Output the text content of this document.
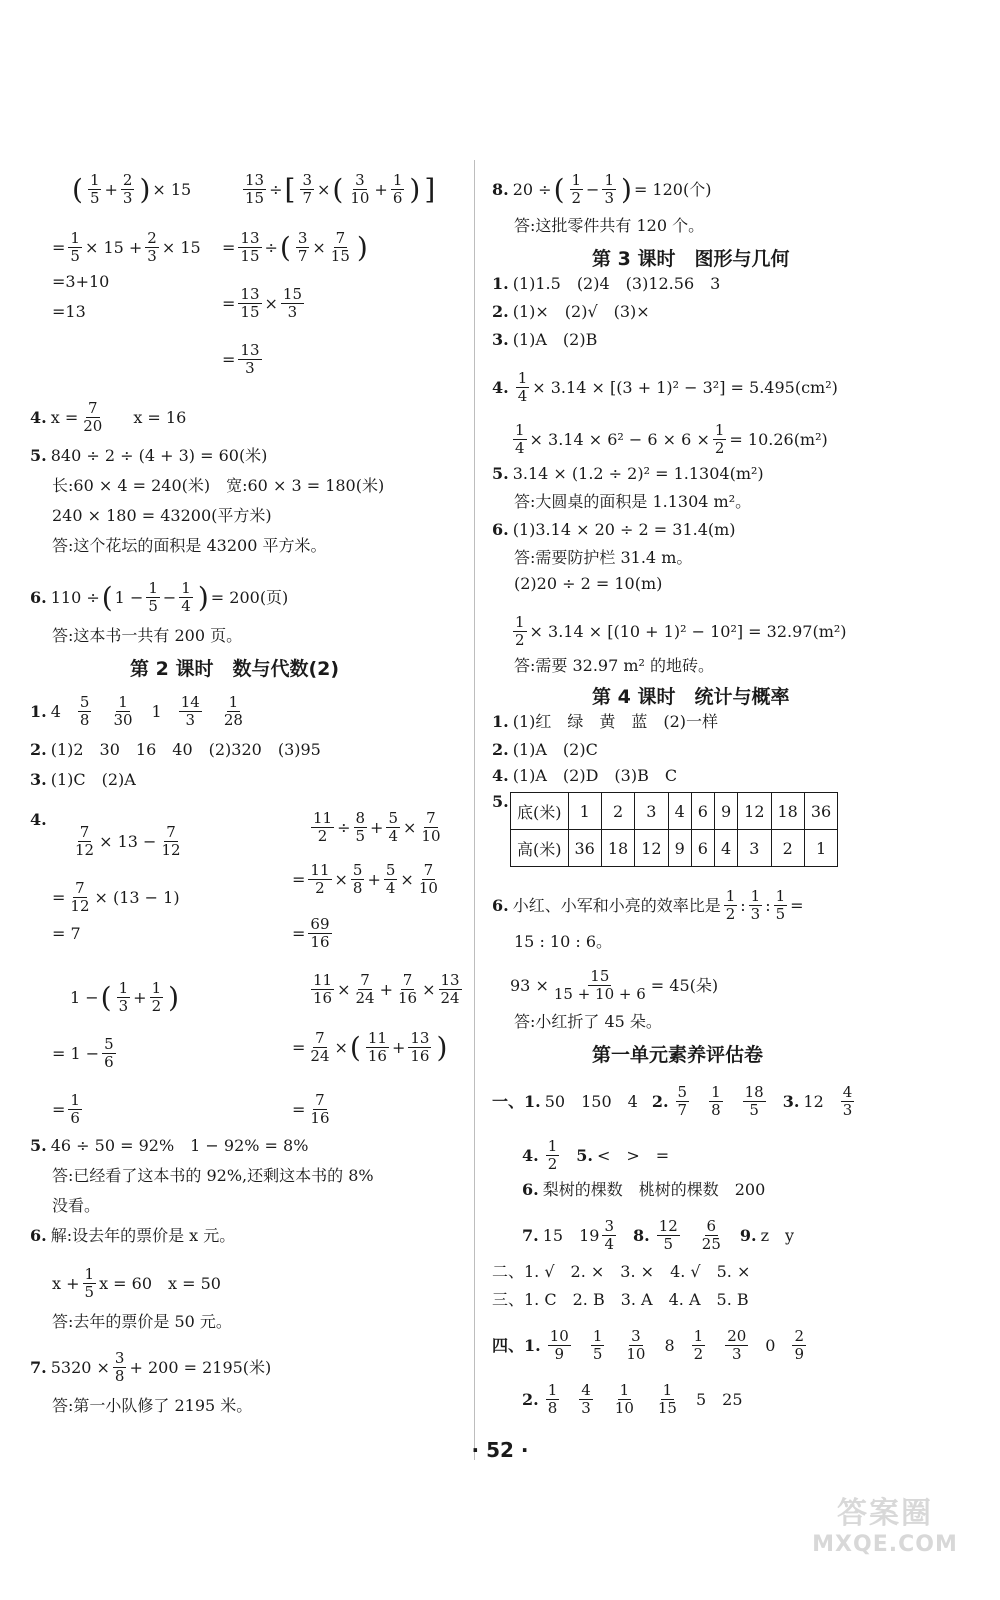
( $\frac{1}{5} + \frac{2}{3}$ ) × 15
= $\frac{1}{5} \times 15 + \frac{2}{3} \times 15$
=3+10
=13
$\frac{13}{15}$ ÷ [ $\frac{3}{7}$ × ( $\frac{3}{10} + \frac{1}{6}$ ) ]
= $\frac{13}{15}$ ÷ ( $\frac{3}{7} \times \frac{7}{15}$ )
= $\frac{13}{15} \times \frac{15}{3}$
= $\frac{13}{3}$
4. $x = \frac{7}{20}$ x = 16
5. 840 ÷ 2 ÷ (4 + 3) = 60(米)
长:60 × 4 = 240(米)　宽:60 × 3 = 180(米)
240 × 180 = 43200(平方米)
答:这个花坛的面积是 43200 平方米。
6. 110 ÷ ( $1 - \frac{1}{5} - \frac{1}{4}$ ) = 200(页)
答:这本书一共有 200 页。
第 2 课时　数与代数(2)
1. $4 \frac{5}{8} \frac{1}{30} 1 \frac{14}{3} \frac{1}{28}$
2. (1)2　30　16　40　(2)320　(3)95
3. (1)C　(2)A
4.
$\frac{7}{12} \times 13 - \frac{7}{12}$
= $\frac{7}{12} \times (13 - 1)$
= 7
1 − ( $\frac{1}{3} + \frac{1}{2}$ )
= $1 - \frac{5}{6}$
= $\frac{1}{6}$
$\frac{11}{2} \div \frac{8}{5} + \frac{5}{4} \times \frac{7}{10}$
= $\frac{11}{2} \times \frac{5}{8} + \frac{5}{4} \times \frac{7}{10}$
= $\frac{69}{16}$
$\frac{11}{16} \times \frac{7}{24} + \frac{7}{16} \times \frac{13}{24}$
= $\frac{7}{24}$ × ( $\frac{11}{16} + \frac{13}{16}$ )
= $\frac{7}{16}$
5. 46 ÷ 50 = 92%　1 − 92% = 8%
答:已经看了这本书的 92%,还剩这本书的 8%
没看。
6. 解:设去年的票价是 x 元。
$x + \frac{1}{5}$ x = 60　x = 50
答:去年的票价是 50 元。
7. $5320 \times \frac{3}{8} + 200 = 2195$(米)
答:第一小队修了 2195 米。
8. 20 ÷ ( $\frac{1}{2} - \frac{1}{3}$ ) = 120(个)
答:这批零件共有 120 个。
第 3 课时　图形与几何
1. (1)1.5　(2)4　(3)12.56　3
2. (1)×　(2)√　(3)×
3. (1)A　(2)B
4. $\frac{1}{4} \times 3.14 \times [(3 + 1)^2 - 3^2] = 5.495(cm^2)$
$\frac{1}{4} \times 3.14 \times 6^2 - 6 \times 6 \times \frac{1}{2} = 10.26(m^2)$
5. 3.14 × (1.2 ÷ 2)² = 1.1304(m²)
答:大圆桌的面积是 1.1304 m²。
6. (1)3.14 × 20 ÷ 2 = 31.4(m)
答:需要防护栏 31.4 m。
(2)20 ÷ 2 = 10(m)
$\frac{1}{2} \times 3.14 \times [(10 + 1)^2 - 10^2] = 32.97(m^2)$
答:需要 32.97 m² 的地砖。
第 4 课时　统计与概率
1. (1)红　绿　黄　蓝　(2)一样
2. (1)A　(2)C
4. (1)A　(2)D　(3)B　C
5.
底(米)	1	2	3	4	6	9	12	18	36
高(米)	36	18	12	9	6	4	3	2	1
6. 小红、小军和小亮的效率比是 $\frac{1}{2}$ : $\frac{1}{3}$ : $\frac{1}{5}$ =
15 : 10 : 6。
$93 \times \frac{15}{15 + 10 + 6} = 45$(朵)
答:小红折了 45 朵。
第一单元素养评估卷
一、1. 50　150　4 2. $\frac{5}{7} \frac{1}{8} \frac{18}{5} 3$. $12 \frac{4}{3}$
4. $\frac{1}{2} 5$. <　>　=
6. 梨树的棵数　桃树的棵数　200
7. 15　$19 \frac{3}{4} 8$. $\frac{12}{5} \frac{6}{25} 9$. z　y
二、1. √　2. ×　3. ×　4. √　5. ×
三、1. C　2. B　3. A　4. A　5. B
四、1. $\frac{10}{9} \frac{1}{5} \frac{3}{10} 8 \frac{1}{2} \frac{20}{3} 0 \frac{2}{9}$
2. $\frac{1}{8} \frac{4}{3} \frac{1}{10} \frac{1}{15} 5$　25
· 52 ·
答案圈
MXQE.COM
